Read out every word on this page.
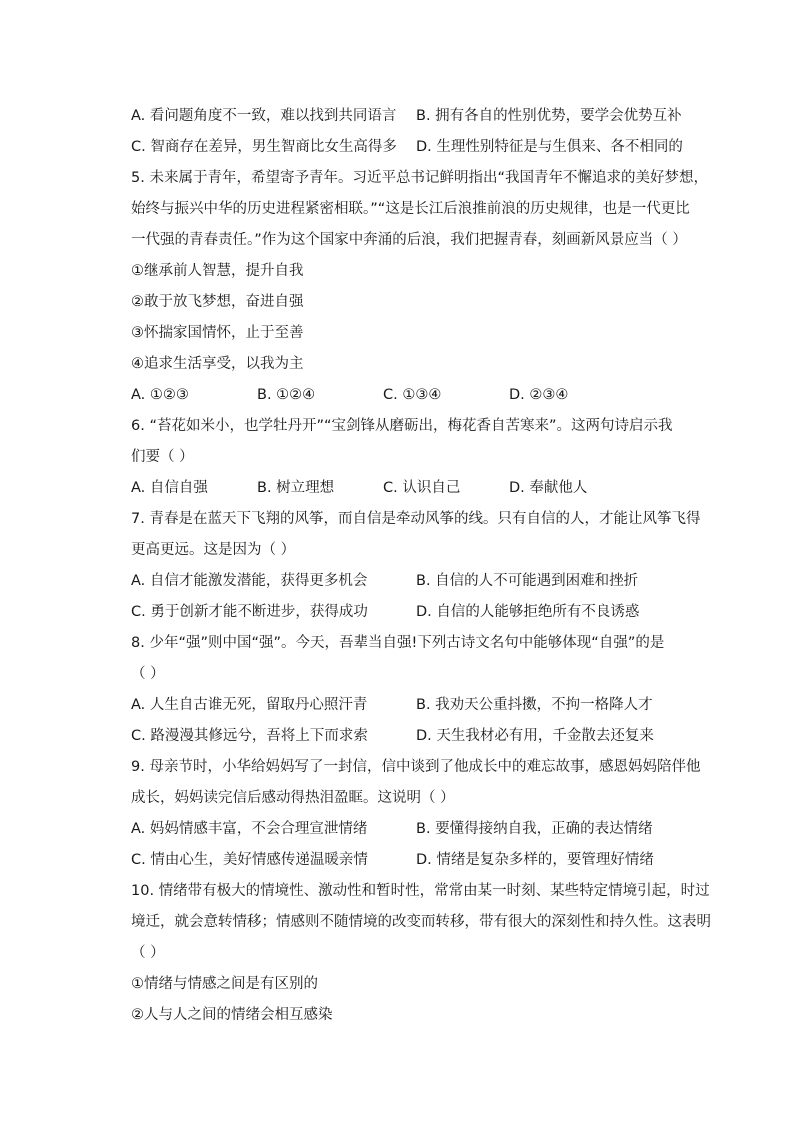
A. 看问题角度不一致，难以找到共同语言	B. 拥有各自的性别优势，要学会优势互补
C. 智商存在差异，男生智商比女生高得多	D. 生理性别特征是与生俱来、各不相同的
5. 未来属于青年，希望寄予青年。习近平总书记鲜明指出“我国青年不懈追求的美好梦想，
始终与振兴中华的历史进程紧密相联。”“这是长江后浪推前浪的历史规律，也是一代更比
一代强的青春责任。”作为这个国家中奔涌的后浪，我们把握青春，刻画新风景应当（ ）
①继承前人智慧，提升自我
②敢于放飞梦想，奋进自强
③怀揣家国情怀，止于至善
④追求生活享受，以我为主
A. ①②③	B. ①②④	C. ①③④	D. ②③④
6. “苔花如米小，也学牡丹开”“宝剑锋从磨砺出，梅花香自苦寒来”。这两句诗启示我
们要（ ）
A. 自信自强	B. 树立理想	C. 认识自己	D. 奉献他人
7. 青春是在蓝天下飞翔的风筝，而自信是牵动风筝的线。只有自信的人，才能让风筝飞得
更高更远。这是因为（ ）
A. 自信才能激发潜能，获得更多机会	B. 自信的人不可能遇到困难和挫折
C. 勇于创新才能不断进步，获得成功	D. 自信的人能够拒绝所有不良诱惑
8. 少年“强”则中国“强”。今天，吾辈当自强!下列古诗文名句中能够体现“自强”的是
（ ）
A. 人生自古谁无死，留取丹心照汗青	B. 我劝天公重抖擞，不拘一格降人才
C. 路漫漫其修远兮，吾将上下而求索	D. 天生我材必有用，千金散去还复来
9. 母亲节时，小华给妈妈写了一封信，信中谈到了他成长中的难忘故事，感恩妈妈陪伴他
成长，妈妈读完信后感动得热泪盈眶。这说明（ ）
A. 妈妈情感丰富，不会合理宣泄情绪	B. 要懂得接纳自我，正确的表达情绪
C. 情由心生，美好情感传递温暖亲情	D. 情绪是复杂多样的，要管理好情绪
10. 情绪带有极大的情境性、激动性和暂时性，常常由某一时刻、某些特定情境引起，时过
境迁，就会意转情移；情感则不随情境的改变而转移，带有很大的深刻性和持久性。这表明
（ ）
①情绪与情感之间是有区别的
②人与人之间的情绪会相互感染
